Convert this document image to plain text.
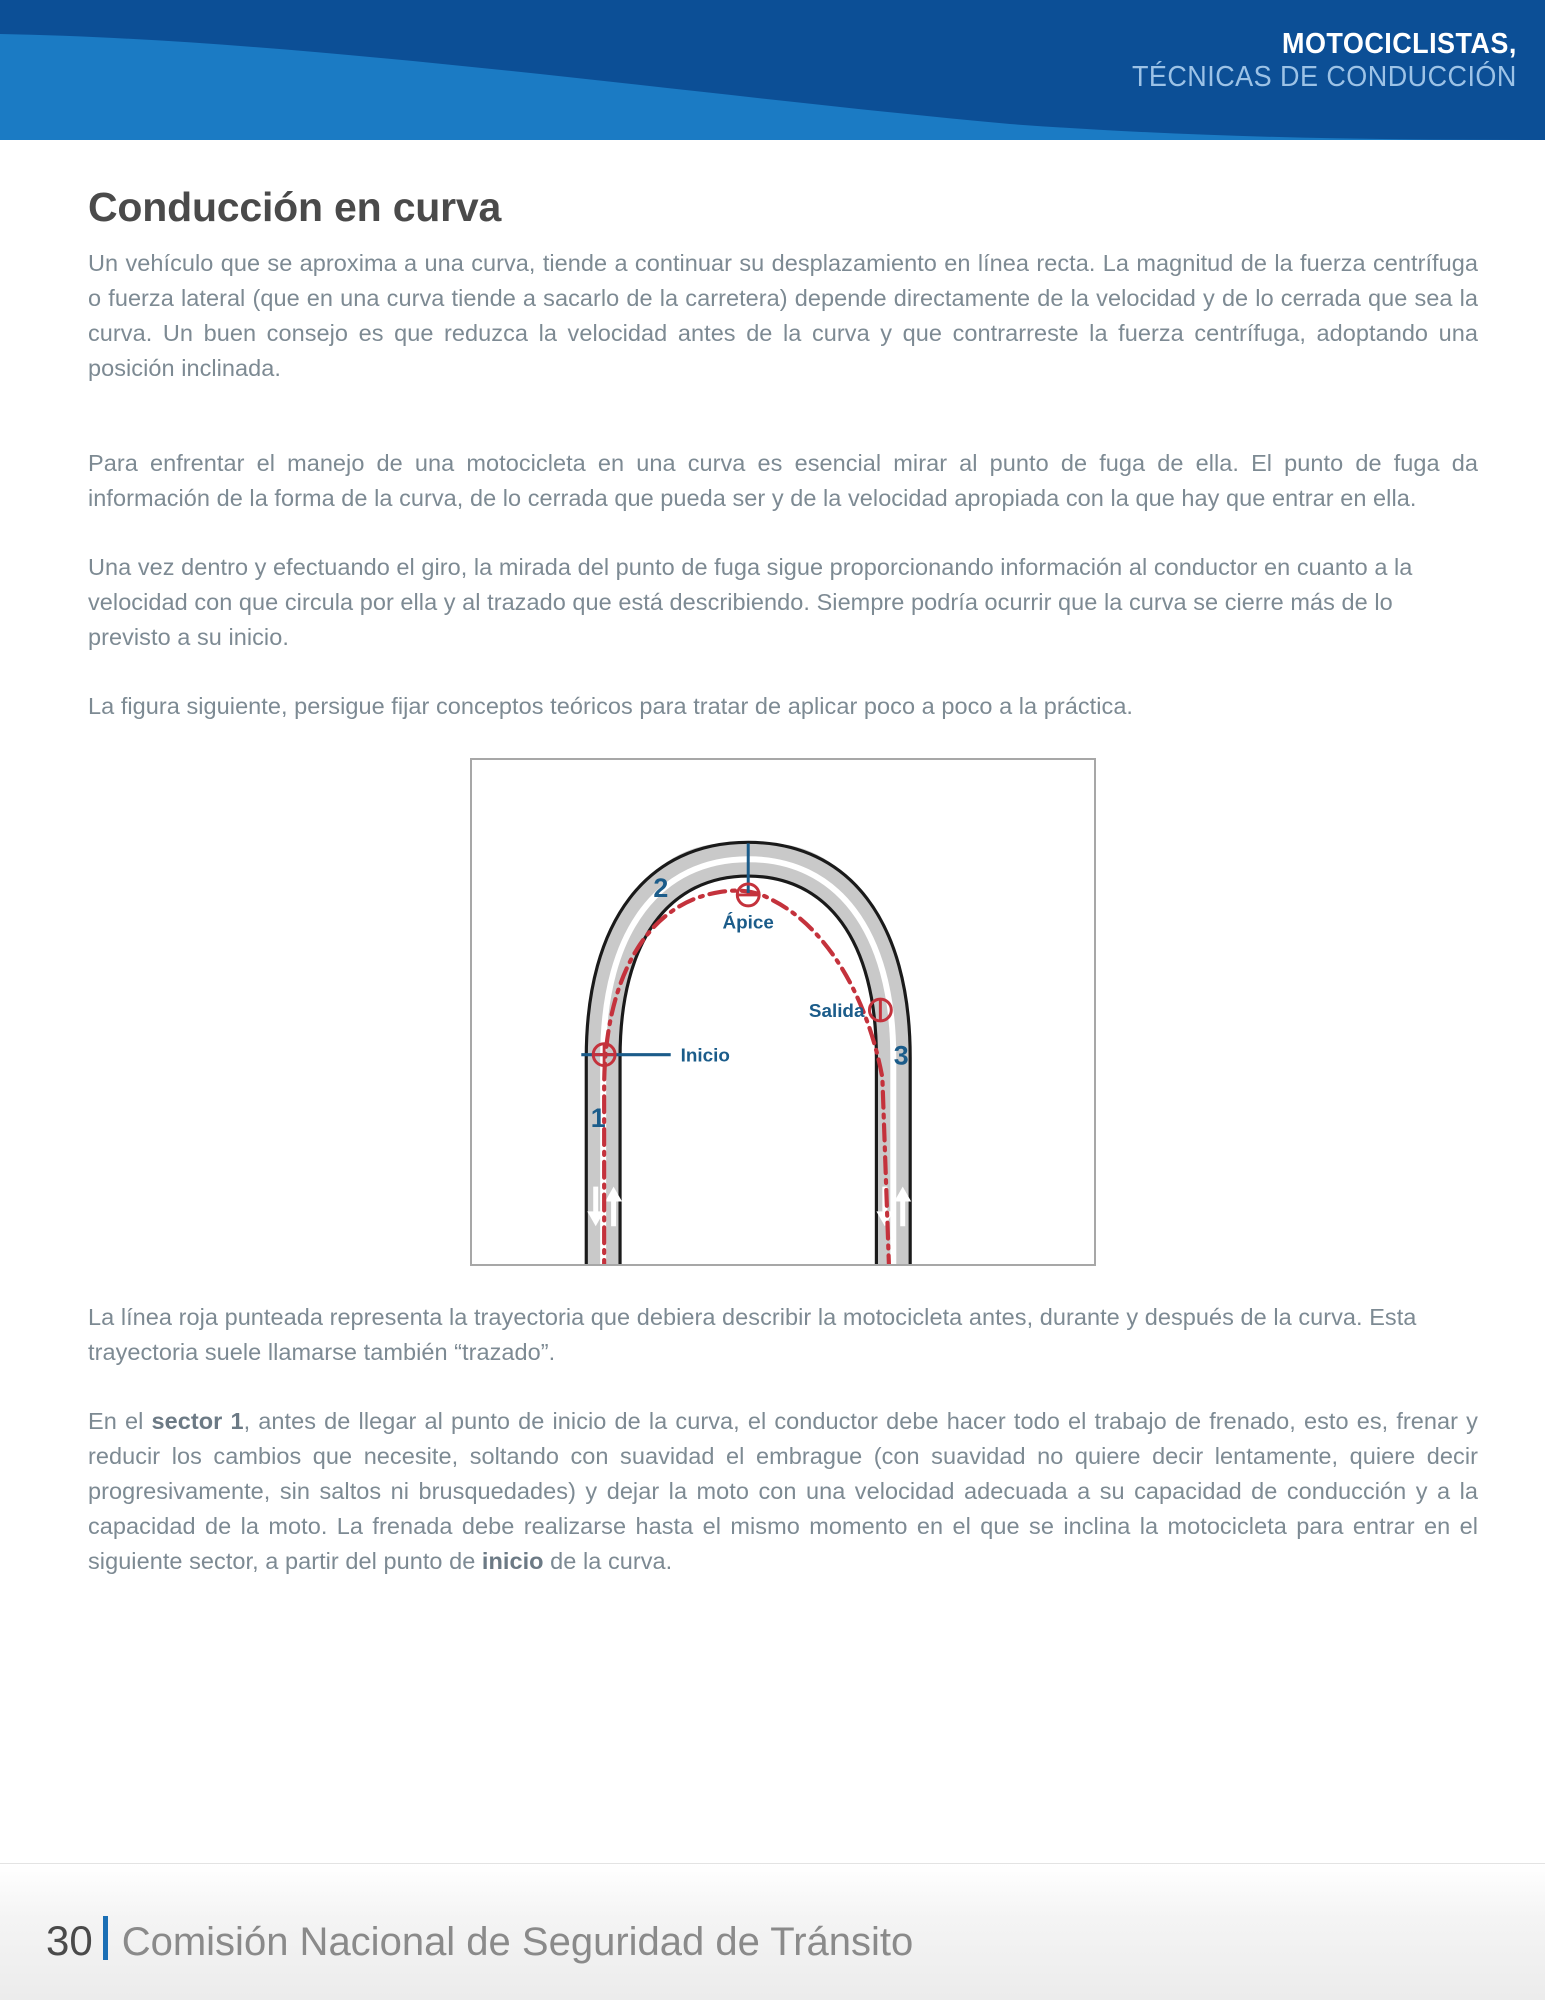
MOTOCICLISTAS,
TÉCNICAS DE CONDUCCIÓN
Conducción en curva

Un vehículo que se aproxima a una curva, tiende a continuar su desplazamiento en línea recta. La magnitud de la fuerza centrífuga o fuerza lateral (que en una curva tiende a sacarlo de la carretera) depende directamente de la velocidad y de lo cerrada que sea la curva. Un buen consejo es que reduzca la velocidad antes de la curva y que contrarreste la fuerza centrífuga, adoptando una posición inclinada.

Para enfrentar el manejo de una motocicleta en una curva es esencial mirar al punto de fuga de ella. El punto de fuga da información de la forma de la curva, de lo cerrada que pueda ser y de la velocidad apropiada con la que hay que entrar en ella.

Una vez dentro y efectuando el giro, la mirada del punto de fuga sigue proporcionando información al conductor en cuanto a la velocidad con que circula por ella y al trazado que está describiendo. Siempre podría ocurrir que la curva se cierre más de lo previsto a su inicio.

La figura siguiente, persigue fijar conceptos teóricos para tratar de aplicar poco a poco a la práctica.

Ápice
Inicio
Salida
1
2
3

La línea roja punteada representa la trayectoria que debiera describir la motocicleta antes, durante y después de la curva. Esta trayectoria suele llamarse también “trazado”.

En el sector 1, antes de llegar al punto de inicio de la curva, el conductor debe hacer todo el trabajo de frenado, esto es, frenar y reducir los cambios que necesite, soltando con suavidad el embrague (con suavidad no quiere decir lentamente, quiere decir progresivamente, sin saltos ni brusquedades) y dejar la moto con una velocidad adecuada a su capacidad de conducción y a la capacidad de la moto. La frenada debe realizarse hasta el mismo momento en el que se inclina la motocicleta para entrar en el siguiente sector, a partir del punto de inicio de la curva.

30 Comisión Nacional de Seguridad de Tránsito
